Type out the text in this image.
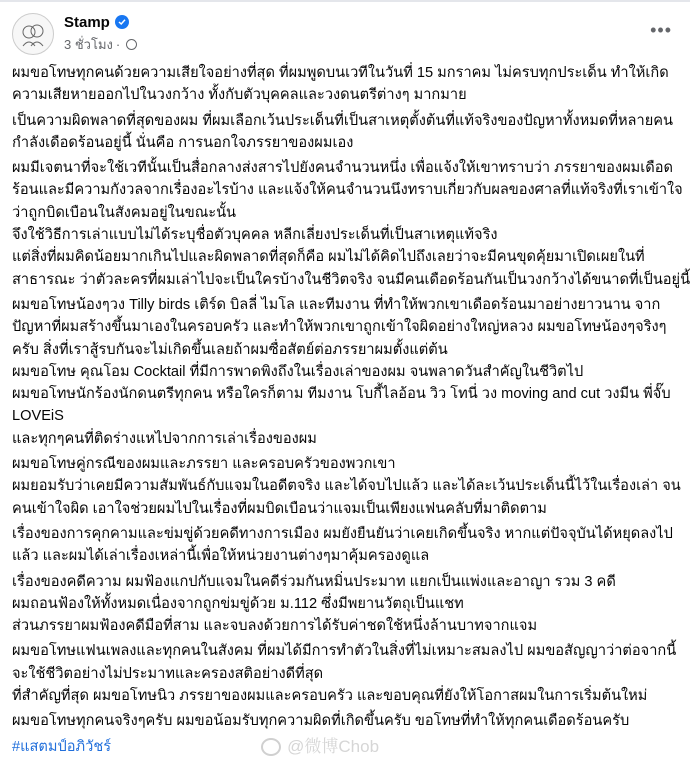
Stamp
3 ชั่วโมง ·
•••
ผมขอโทษทุกคนด้วยความเสียใจอย่างที่สุด ที่ผมพูดบนเวทีในวันที่ 15 มกราคม ไม่ครบทุกประเด็น ทำให้เกิด
ความเสียหายออกไปในวงกว้าง ทั้งกับตัวบุคคลและวงดนตรีต่างๆ มากมาย
เป็นความผิดพลาดที่สุดของผม ที่ผมเลือกเว้นประเด็นที่เป็นสาเหตุตั้งต้นที่แท้จริงของปัญหาทั้งหมดที่หลายคน
กำลังเดือดร้อนอยู่นี้ นั่นคือ การนอกใจภรรยาของผมเอง
ผมมีเจตนาที่จะใช้เวทีนั้นเป็นสื่อกลางส่งสารไปยังคนจำนวนหนึ่ง เพื่อแจ้งให้เขาทราบว่า ภรรยาของผมเดือด
ร้อนและมีความกังวลจากเรื่องอะไรบ้าง และแจ้งให้คนจำนวนนึงทราบเกี่ยวกับผลของศาลที่แท้จริงที่เราเข้าใจ
ว่าถูกบิดเบือนในสังคมอยู่ในขณะนั้น
จึงใช้วิธีการเล่าแบบไม่ได้ระบุชื่อตัวบุคคล หลีกเลี่ยงประเด็นที่เป็นสาเหตุแท้จริง
แต่สิ่งที่ผมคิดน้อยมากเกินไปและผิดพลาดที่สุดก็คือ ผมไม่ได้คิดไปถึงเลยว่าจะมีคนขุดคุ้ยมาเปิดเผยในที่
สาธารณะ ว่าตัวละครที่ผมเล่าไปจะเป็นใครบ้างในชีวิตจริง จนมีคนเดือดร้อนกันเป็นวงกว้างได้ขนาดที่เป็นอยู่นี้
ผมขอโทษน้องๆวง Tilly birds เติร์ด บิลลี่ ไมโล และทีมงาน ที่ทำให้พวกเขาเดือดร้อนมาอย่างยาวนาน จาก
ปัญหาที่ผมสร้างขึ้นมาเองในครอบครัว และทำให้พวกเขาถูกเข้าใจผิดอย่างใหญ่หลวง ผมขอโทษน้องๆจริงๆ
ครับ สิ่งที่เราสู้รบกันจะไม่เกิดขึ้นเลยถ้าผมซื่อสัตย์ต่อภรรยาผมตั้งแต่ต้น
ผมขอโทษ คุณโอม Cocktail ที่มีการพาดพิงถึงในเรื่องเล่าของผม จนพลาดวันสำคัญในชีวิตไป
ผมขอโทษนักร้องนักดนตรีทุกคน หรือใครก็ตาม ทีมงาน โบกี้ไลอ้อน วิว โทนี่ วง moving and cut วงมีน พี่จั๊บ
LOVEiS
และทุกๆคนที่ติดร่างแหไปจากการเล่าเรื่องของผม
ผมขอโทษคู่กรณีของผมและภรรยา และครอบครัวของพวกเขา
ผมยอมรับว่าเคยมีความสัมพันธ์กับแจมในอดีตจริง และได้จบไปแล้ว และได้ละเว้นประเด็นนี้ไว้ในเรื่องเล่า จน
คนเข้าใจผิด เอาใจช่วยผมไปในเรื่องที่ผมบิดเบือนว่าแจมเป็นเพียงแฟนคลับที่มาติดตาม
เรื่องของการคุกคามและข่มขู่ด้วยคดีทางการเมือง ผมยังยืนยันว่าเคยเกิดขึ้นจริง หากแต่ปัจจุบันได้หยุดลงไป
แล้ว และผมได้เล่าเรื่องเหล่านี้เพื่อให้หน่วยงานต่างๆมาคุ้มครองดูแล
เรื่องของคดีความ ผมฟ้องแกปกับแจมในคดีร่วมกันหมิ่นประมาท แยกเป็นแพ่งและอาญา รวม 3 คดี
ผมถอนฟ้องให้ทั้งหมดเนื่องจากถูกข่มขู่ด้วย ม.112 ซึ่งมีพยานวัตถุเป็นแชท
ส่วนภรรยาผมฟ้องคดีมือที่สาม และจบลงด้วยการได้รับค่าชดใช้หนึ่งล้านบาทจากแจม
ผมขอโทษแฟนเพลงและทุกคนในสังคม ที่ผมได้มีการทำตัวในสิ่งที่ไม่เหมาะสมลงไป ผมขอสัญญาว่าต่อจากนี้
จะใช้ชีวิตอย่างไม่ประมาทและครองสติอย่างดีที่สุด
ที่สำคัญที่สุด ผมขอโทษนิว ภรรยาของผมและครอบครัว และขอบคุณที่ยังให้โอกาสผมในการเริ่มต้นใหม่
ผมขอโทษทุกคนจริงๆครับ ผมขอน้อมรับทุกความผิดที่เกิดขึ้นครับ ขอโทษที่ทำให้ทุกคนเดือดร้อนครับ
#แสตมป์อภิวัชร์	@微博Chob
